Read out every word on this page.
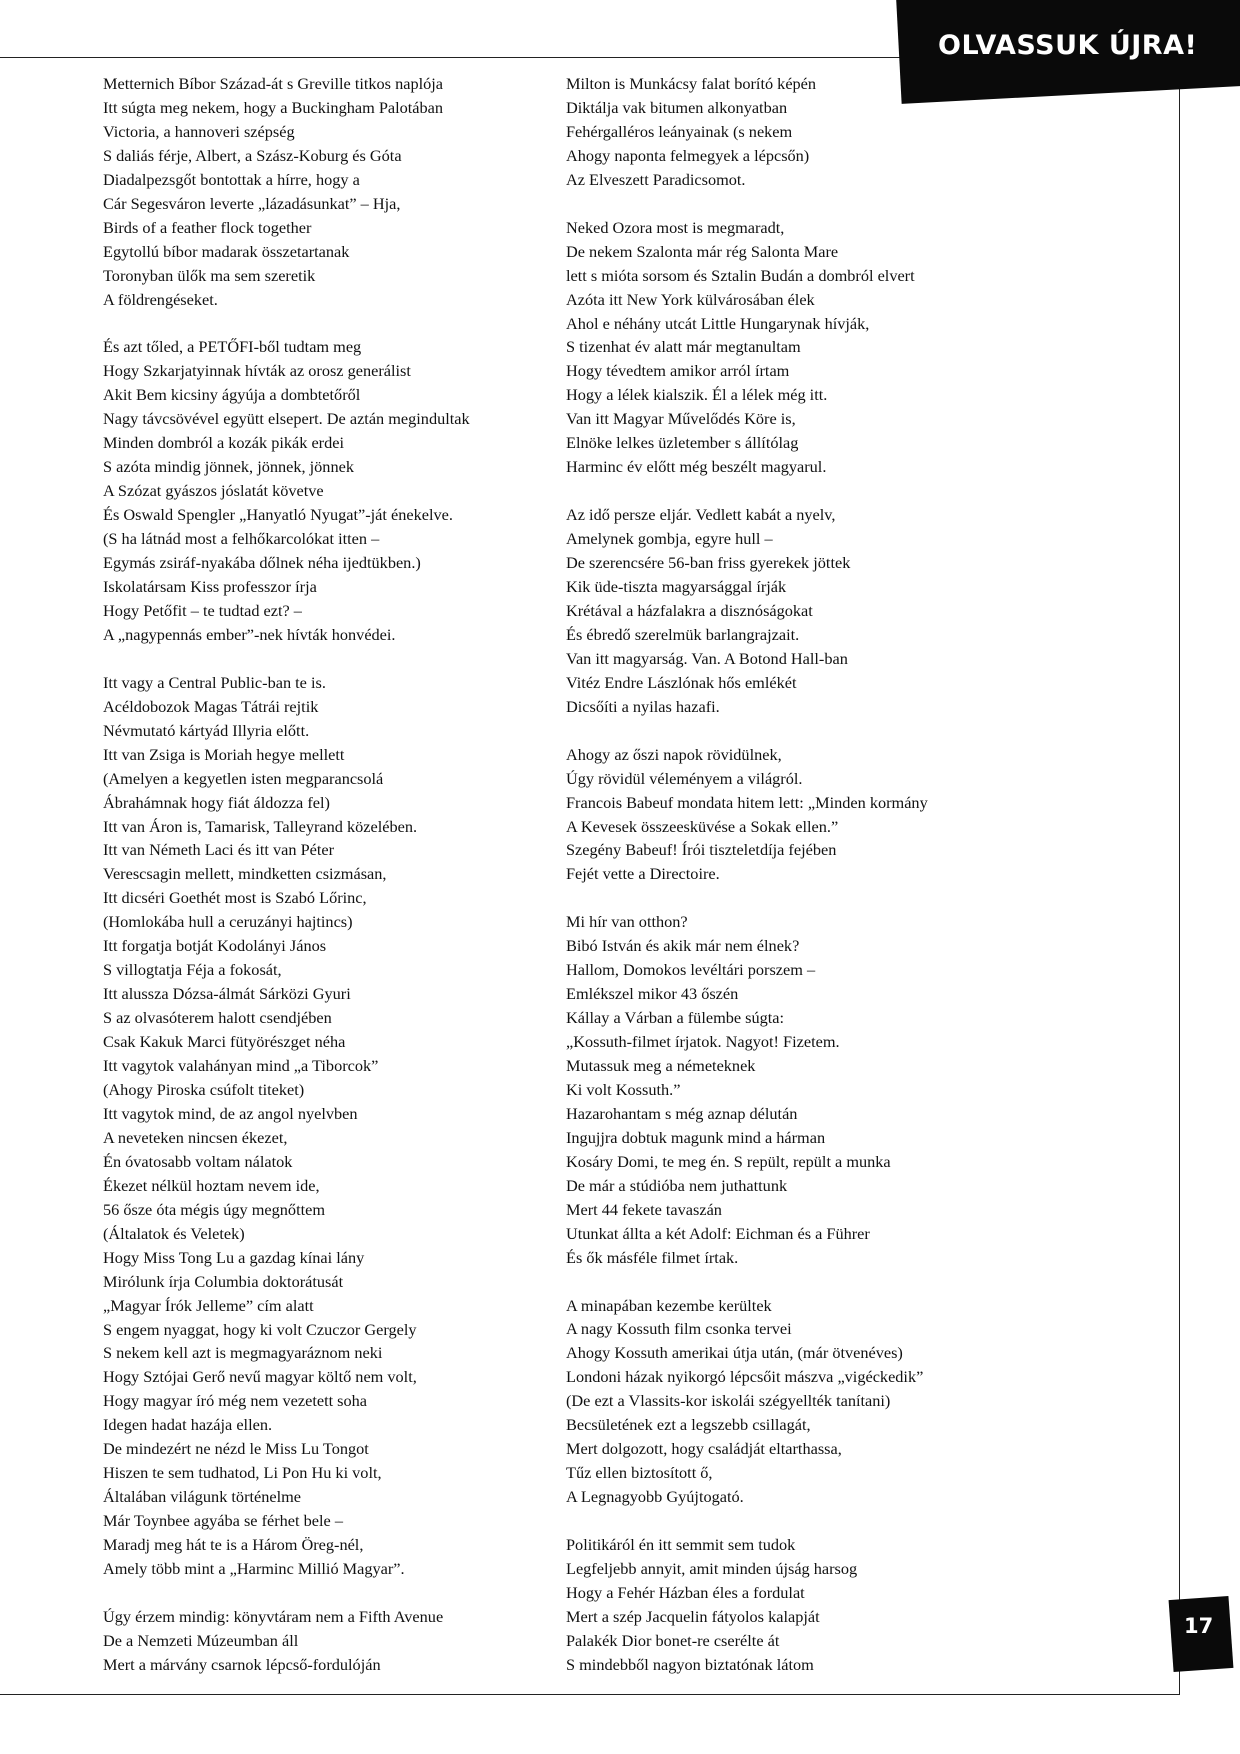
OLVASSUK ÚJRA!
Metternich Bíbor Század-át s Greville titkos naplója
Itt súgta meg nekem, hogy a Buckingham Palotában
Victoria, a hannoveri szépség
S daliás férje, Albert, a Szász-Koburg és Góta
Diadalpezsgőt bontottak a hírre, hogy a
Cár Segesváron leverte „lázadásunkat” – Hja,
Birds of a feather flock together
Egytollú bíbor madarak összetartanak
Toronyban ülők ma sem szeretik
A földrengéseket.
És azt tőled, a PETŐFI-ből tudtam meg
Hogy Szkarjatyinnak hívták az orosz generálist
Akit Bem kicsiny ágyúja a dombtetőről
Nagy távcsövével együtt elsepert. De aztán megindultak
Minden dombról a kozák pikák erdei
S azóta mindig jönnek, jönnek, jönnek
A Szózat gyászos jóslatát követve
És Oswald Spengler „Hanyatló Nyugat”-ját énekelve.
(S ha látnád most a felhőkarcolókat itten –
Egymás zsiráf-nyakába dőlnek néha ijedtükben.)
Iskolatársam Kiss professzor írja
Hogy Petőfit – te tudtad ezt? –
A „nagypennás ember”-nek hívták honvédei.
Itt vagy a Central Public-ban te is.
Acéldobozok Magas Tátrái rejtik
Névmutató kártyád Illyria előtt.
Itt van Zsiga is Moriah hegye mellett
(Amelyen a kegyetlen isten megparancsolá
Ábrahámnak hogy fiát áldozza fel)
Itt van Áron is, Tamarisk, Talleyrand közelében.
Itt van Németh Laci és itt van Péter
Verescsagin mellett, mindketten csizmásan,
Itt dicséri Goethét most is Szabó Lőrinc,
(Homlokába hull a ceruzányi hajtincs)
Itt forgatja botját Kodolányi János
S villogtatja Féja a fokosát,
Itt alussza Dózsa-álmát Sárközi Gyuri
S az olvasóterem halott csendjében
Csak Kakuk Marci fütyörészget néha
Itt vagytok valahányan mind „a Tiborcok”
(Ahogy Piroska csúfolt titeket)
Itt vagytok mind, de az angol nyelvben
A neveteken nincsen ékezet,
Én óvatosabb voltam nálatok
Ékezet nélkül hoztam nevem ide,
56 ősze óta mégis úgy megnőttem
(Általatok és Veletek)
Hogy Miss Tong Lu a gazdag kínai lány
Mirólunk írja Columbia doktorátusát
„Magyar Írók Jelleme” cím alatt
S engem nyaggat, hogy ki volt Czuczor Gergely
S nekem kell azt is megmagyaráznom neki
Hogy Sztójai Gerő nevű magyar költő nem volt,
Hogy magyar író még nem vezetett soha
Idegen hadat hazája ellen.
De mindezért ne nézd le Miss Lu Tongot
Hiszen te sem tudhatod, Li Pon Hu ki volt,
Általában világunk történelme
Már Toynbee agyába se férhet bele –
Maradj meg hát te is a Három Öreg-nél,
Amely több mint a „Harminc Millió Magyar”.
Úgy érzem mindig: könyvtáram nem a Fifth Avenue
De a Nemzeti Múzeumban áll
Mert a márvány csarnok lépcső-fordulóján
Milton is Munkácsy falat borító képén
Diktálja vak bitumen alkonyatban
Fehérgalléros leányainak (s nekem
Ahogy naponta felmegyek a lépcsőn)
Az Elveszett Paradicsomot.
Neked Ozora most is megmaradt,
De nekem Szalonta már rég Salonta Mare
lett s mióta sorsom és Sztalin Budán a dombról elvert
Azóta itt New York külvárosában élek
Ahol e néhány utcát Little Hungarynak hívják,
S tizenhat év alatt már megtanultam
Hogy tévedtem amikor arról írtam
Hogy a lélek kialszik. Él a lélek még itt.
Van itt Magyar Művelődés Köre is,
Elnöke lelkes üzletember s állítólag
Harminc év előtt még beszélt magyarul.
Az idő persze eljár. Vedlett kabát a nyelv,
Amelynek gombja, egyre hull –
De szerencsére 56-ban friss gyerekek jöttek
Kik üde-tiszta magyarsággal írják
Krétával a házfalakra a disznóságokat
És ébredő szerelmük barlangrajzait.
Van itt magyarság. Van. A Botond Hall-ban
Vitéz Endre Lászlónak hős emlékét
Dicsőíti a nyilas hazafi.
Ahogy az őszi napok rövidülnek,
Úgy rövidül véleményem a világról.
Francois Babeuf mondata hitem lett: „Minden kormány
A Kevesek összeesküvése a Sokak ellen.”
Szegény Babeuf! Írói tiszteletdíja fejében
Fejét vette a Directoire.
Mi hír van otthon?
Bibó István és akik már nem élnek?
Hallom, Domokos levéltári porszem –
Emlékszel mikor 43 őszén
Kállay a Várban a fülembe súgta:
„Kossuth-filmet írjatok. Nagyot! Fizetem.
Mutassuk meg a németeknek
Ki volt Kossuth.”
Hazarohantam s még aznap délután
Ingujjra dobtuk magunk mind a hárman
Kosáry Domi, te meg én. S repült, repült a munka
De már a stúdióba nem juthattunk
Mert 44 fekete tavaszán
Utunkat állta a két Adolf: Eichman és a Führer
És ők másféle filmet írtak.
A minapában kezembe kerültek
A nagy Kossuth film csonka tervei
Ahogy Kossuth amerikai útja után, (már ötvenéves)
Londoni házak nyikorgó lépcsőit mászva „vigéckedik”
(De ezt a Vlassits-kor iskolái szégyellték tanítani)
Becsületének ezt a legszebb csillagát,
Mert dolgozott, hogy családját eltarthassa,
Tűz ellen biztosított ő,
A Legnagyobb Gyújtogató.
Politikáról én itt semmit sem tudok
Legfeljebb annyit, amit minden újság harsog
Hogy a Fehér Házban éles a fordulat
Mert a szép Jacquelin fátyolos kalapját
Palakék Dior bonet-re cserélte át
S mindebből nagyon biztatónak látom
17
